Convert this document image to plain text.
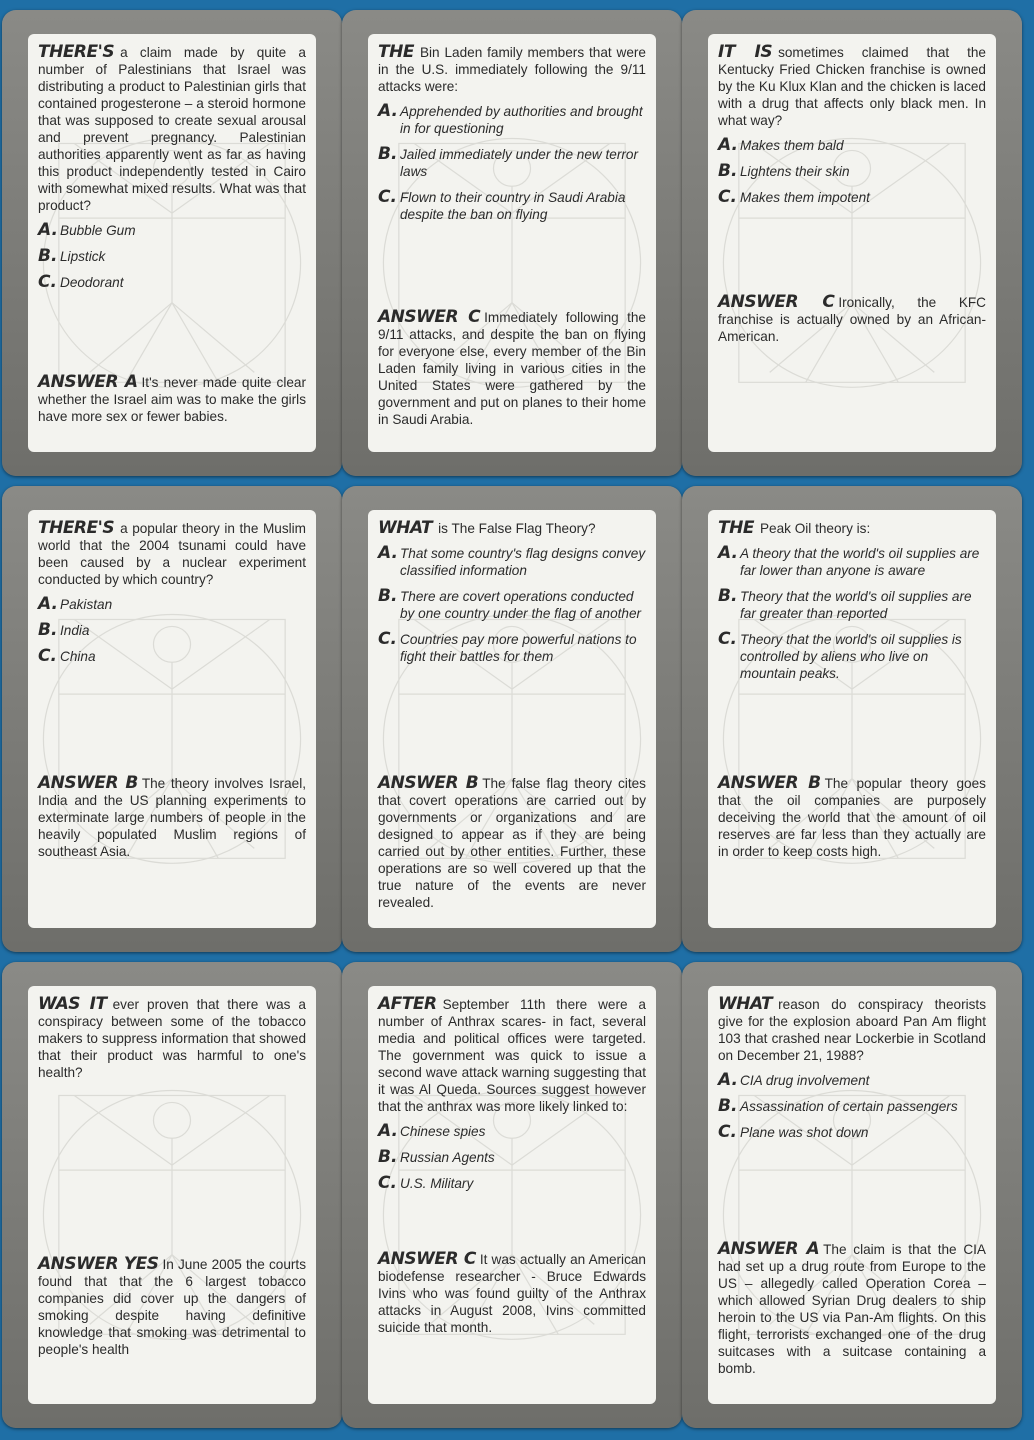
THERE'S a claim made by quite a number of Palestinians that Israel was distributing a product to Palestinian girls that contained progesterone – a steroid hormone that was supposed to create sexual arousal and prevent pregnancy. Palestinian authorities apparently went as far as having this product independently tested in Cairo with somewhat mixed results. What was that product?

A. Bubble Gum
B. Lipstick
C. Deodorant

ANSWER A It's never made quite clear whether the Israel aim was to make the girls have more sex or fewer babies.

THE Bin Laden family members that were in the U.S. immediately following the 9/11 attacks were:

A. Apprehended by authorities and brought in for questioning
B. Jailed immediately under the new terror laws
C. Flown to their country in Saudi Arabia despite the ban on flying

ANSWER C Immediately following the 9/11 attacks, and despite the ban on flying for everyone else, every member of the Bin Laden family living in various cities in the United States were gathered by the government and put on planes to their home in Saudi Arabia.

IT IS sometimes claimed that the Kentucky Fried Chicken franchise is owned by the Ku Klux Klan and the chicken is laced with a drug that affects only black men. In what way?

A. Makes them bald
B. Lightens their skin
C. Makes them impotent

ANSWER C Ironically, the KFC franchise is actually owned by an African-American.

THERE'S a popular theory in the Muslim world that the 2004 tsunami could have been caused by a nuclear experiment conducted by which country?

A. Pakistan
B. India
C. China

ANSWER B The theory involves Israel, India and the US planning experiments to exterminate large numbers of people in the heavily populated Muslim regions of southeast Asia.

WHAT is The False Flag Theory?

A. That some country's flag designs convey classified information
B. There are covert operations conducted by one country under the flag of another
C. Countries pay more powerful nations to fight their battles for them

ANSWER B The false flag theory cites that covert operations are carried out by governments or organizations and are designed to appear as if they are being carried out by other entities. Further, these operations are so well covered up that the true nature of the events are never revealed.

THE Peak Oil theory is:

A. A theory that the world's oil supplies are far lower than anyone is aware
B. Theory that the world's oil supplies are far greater than reported
C. Theory that the world's oil supplies is controlled by aliens who live on mountain peaks.

ANSWER B The popular theory goes that the oil companies are purposely deceiving the world that the amount of oil reserves are far less than they actually are in order to keep costs high.

WAS IT ever proven that there was a conspiracy between some of the tobacco makers to suppress information that showed that their product was harmful to one's health?

ANSWER YES In June 2005 the courts found that that the 6 largest tobacco companies did cover up the dangers of smoking despite having definitive knowledge that smoking was detrimental to people's health

AFTER September 11th there were a number of Anthrax scares- in fact, several media and political offices were targeted. The government was quick to issue a second wave attack warning suggesting that it was Al Queda. Sources suggest however that the anthrax was more likely linked to:

A. Chinese spies
B. Russian Agents
C. U.S. Military

ANSWER C It was actually an American biodefense researcher - Bruce Edwards Ivins who was found guilty of the Anthrax attacks in August 2008, Ivins committed suicide that month.

WHAT reason do conspiracy theorists give for the explosion aboard Pan Am flight 103 that crashed near Lockerbie in Scotland on December 21, 1988?

A. CIA drug involvement
B. Assassination of certain passengers
C. Plane was shot down

ANSWER A The claim is that the CIA had set up a drug route from Europe to the US – allegedly called Operation Corea – which allowed Syrian Drug dealers to ship heroin to the US via Pan-Am flights. On this flight, terrorists exchanged one of the drug suitcases with a suitcase containing a bomb.
